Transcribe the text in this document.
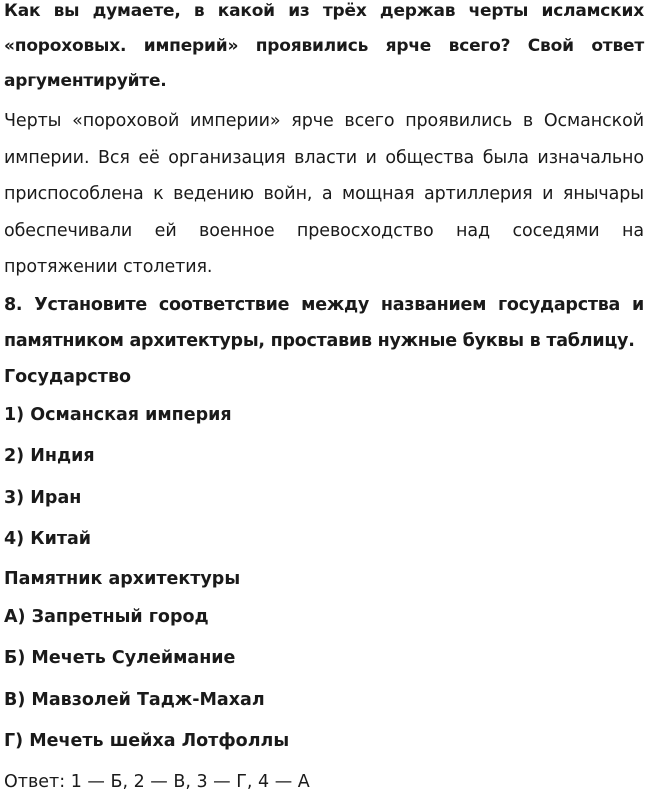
Как вы думаете, в какой из трёх держав черты исламских «пороховых. империй» проявились ярче всего? Свой ответ аргументируйте.
Черты «пороховой империи» ярче всего проявились в Османской империи. Вся её организация власти и общества была изначально приспособлена к ведению войн, а мощная артиллерия и янычары обеспечивали ей военное превосходство над соседями на протяжении столетия.
8. Установите соответствие между названием государства и памятником архитектуры, проставив нужные буквы в таблицу.
Государство
1) Османская империя
2) Индия
3) Иран
4) Китай
Памятник архитектуры
А) Запретный город
Б) Мечеть Сулеймание
В) Мавзолей Тадж-Махал
Г) Мечеть шейха Лотфоллы
Ответ: 1 — Б, 2 — В, 3 — Г, 4 — А
